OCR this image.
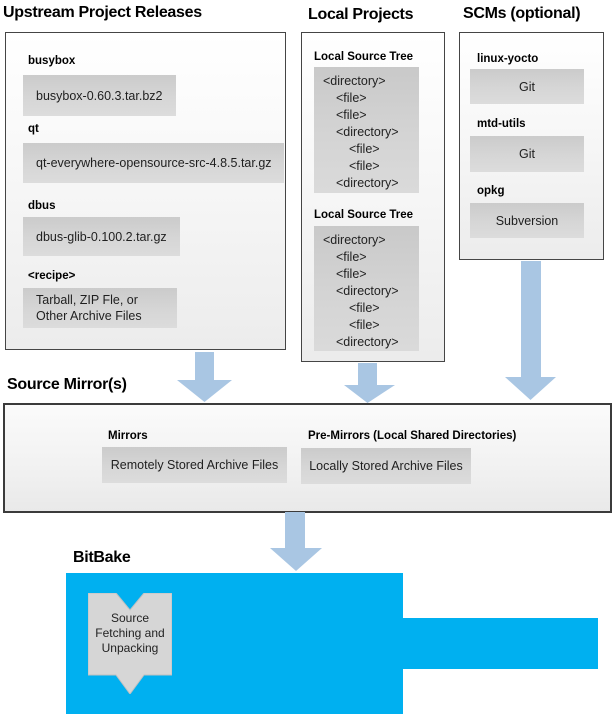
Upstream Project Releases
busybox
busybox-0.60.3.tar.bz2
qt
qt-everywhere-opensource-src-4.8.5.tar.gz
dbus
dbus-glib-0.100.2.tar.gz
<recipe>
Tarball, ZIP Fle, or
Other Archive Files
Local Projects
Local Source Tree
<directory>
<file>
<file>
<directory>
<file>
<file>
<directory>
Local Source Tree
<directory>
<file>
<file>
<directory>
<file>
<file>
<directory>
SCMs (optional)
linux-yocto
Git
mtd-utils
Git
opkg
Subversion
Source Mirror(s)
Mirrors
Remotely Stored Archive Files
Pre-Mirrors (Local Shared Directories)
Locally Stored Archive Files
BitBake
Source
Fetching and
Unpacking
